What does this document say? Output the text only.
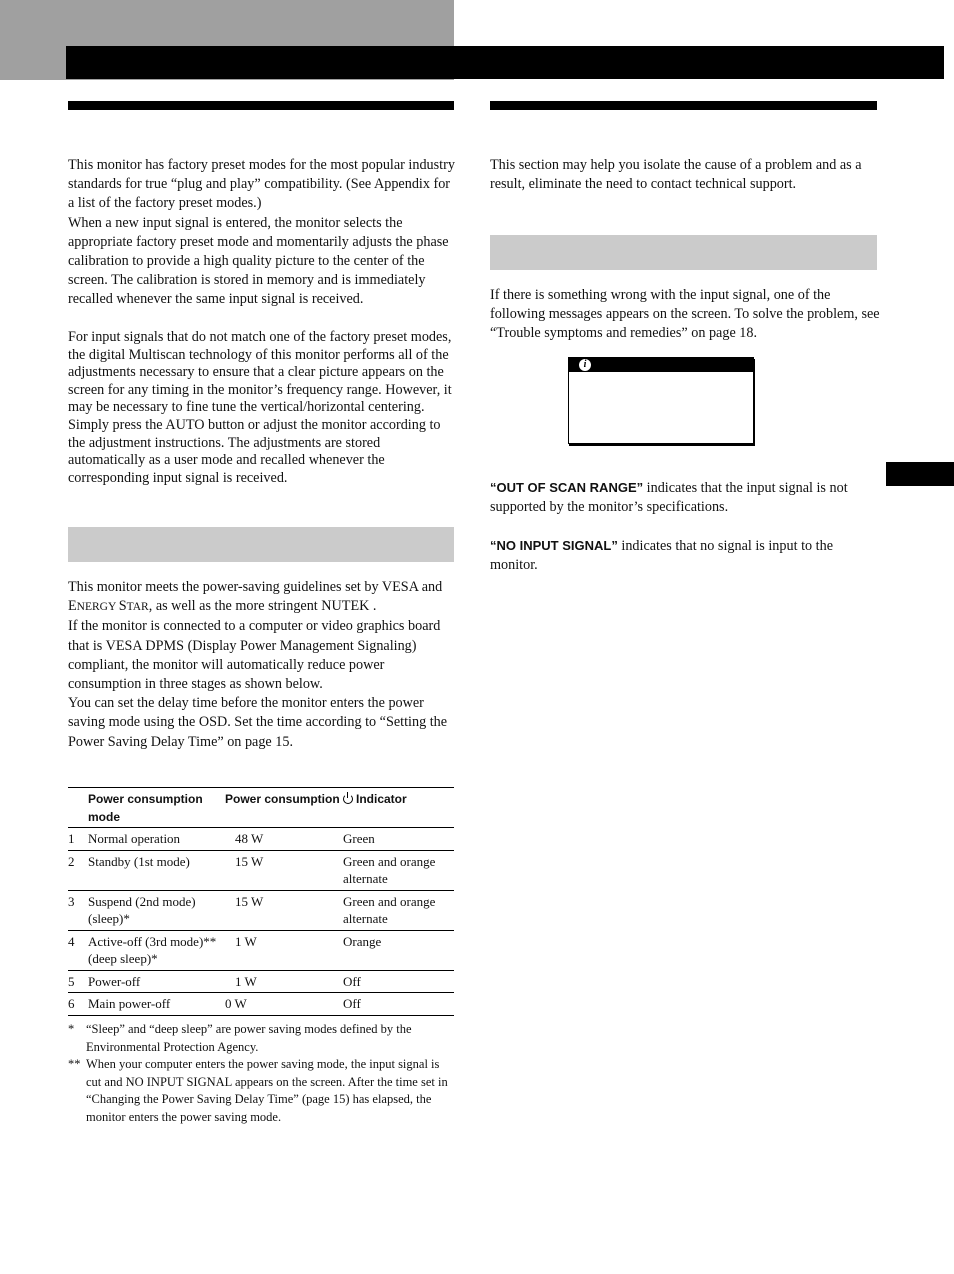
This monitor has factory preset modes for the most popular industry standards for true “plug and play” compatibility. (See Appendix for a list of the factory preset modes.)

When a new input signal is entered, the monitor selects the appropriate factory preset mode and momentarily adjusts the phase calibration to provide a high quality picture to the center of the screen. The calibration is stored in memory and is immediately recalled whenever the same input signal is received.

For input signals that do not match one of the factory preset modes, the digital Multiscan technology of this monitor performs all of the adjustments necessary to ensure that a clear picture appears on the screen for any timing in the monitor’s frequency range. However, it may be necessary to fine tune the vertical/horizontal centering. Simply press the AUTO button or adjust the monitor according to the adjustment instructions. The adjustments are stored automatically as a user mode and recalled whenever the corresponding input signal is received.

This monitor meets the power-saving guidelines set by VESA and ENERGY STAR, as well as the more stringent NUTEK .

If the monitor is connected to a computer or video graphics board that is VESA DPMS (Display Power Management Signaling) compliant, the monitor will automatically reduce power consumption in three stages as shown below.

You can set the delay time before the monitor enters the power saving mode using the OSD. Set the time according to “Setting the Power Saving Delay Time” on page 15.

	Power consumption mode	Power consumption	Indicator
1	Normal operation	48 W	Green
2	Standby (1st mode)	15 W	Green and orange alternate
3	Suspend (2nd mode) (sleep)*	15 W	Green and orange alternate
4	Active-off (3rd mode)** (deep sleep)*	1 W	Orange
5	Power-off	1 W	Off
6	Main power-off	0 W	Off
* “Sleep” and “deep sleep” are power saving modes defined by the Environmental Protection Agency.
** When your computer enters the power saving mode, the input signal is cut and NO INPUT SIGNAL appears on the screen. After the time set in “Changing the Power Saving Delay Time” (page 15) has elapsed, the monitor enters the power saving mode.
This section may help you isolate the cause of a problem and as a result, eliminate the need to contact technical support.
If there is something wrong with the input signal, one of the following messages appears on the screen. To solve the problem, see “Trouble symptoms and remedies” on page 18.
i
“OUT OF SCAN RANGE” indicates that the input signal is not supported by the monitor’s specifications.
“NO INPUT SIGNAL” indicates that no signal is input to the monitor.
